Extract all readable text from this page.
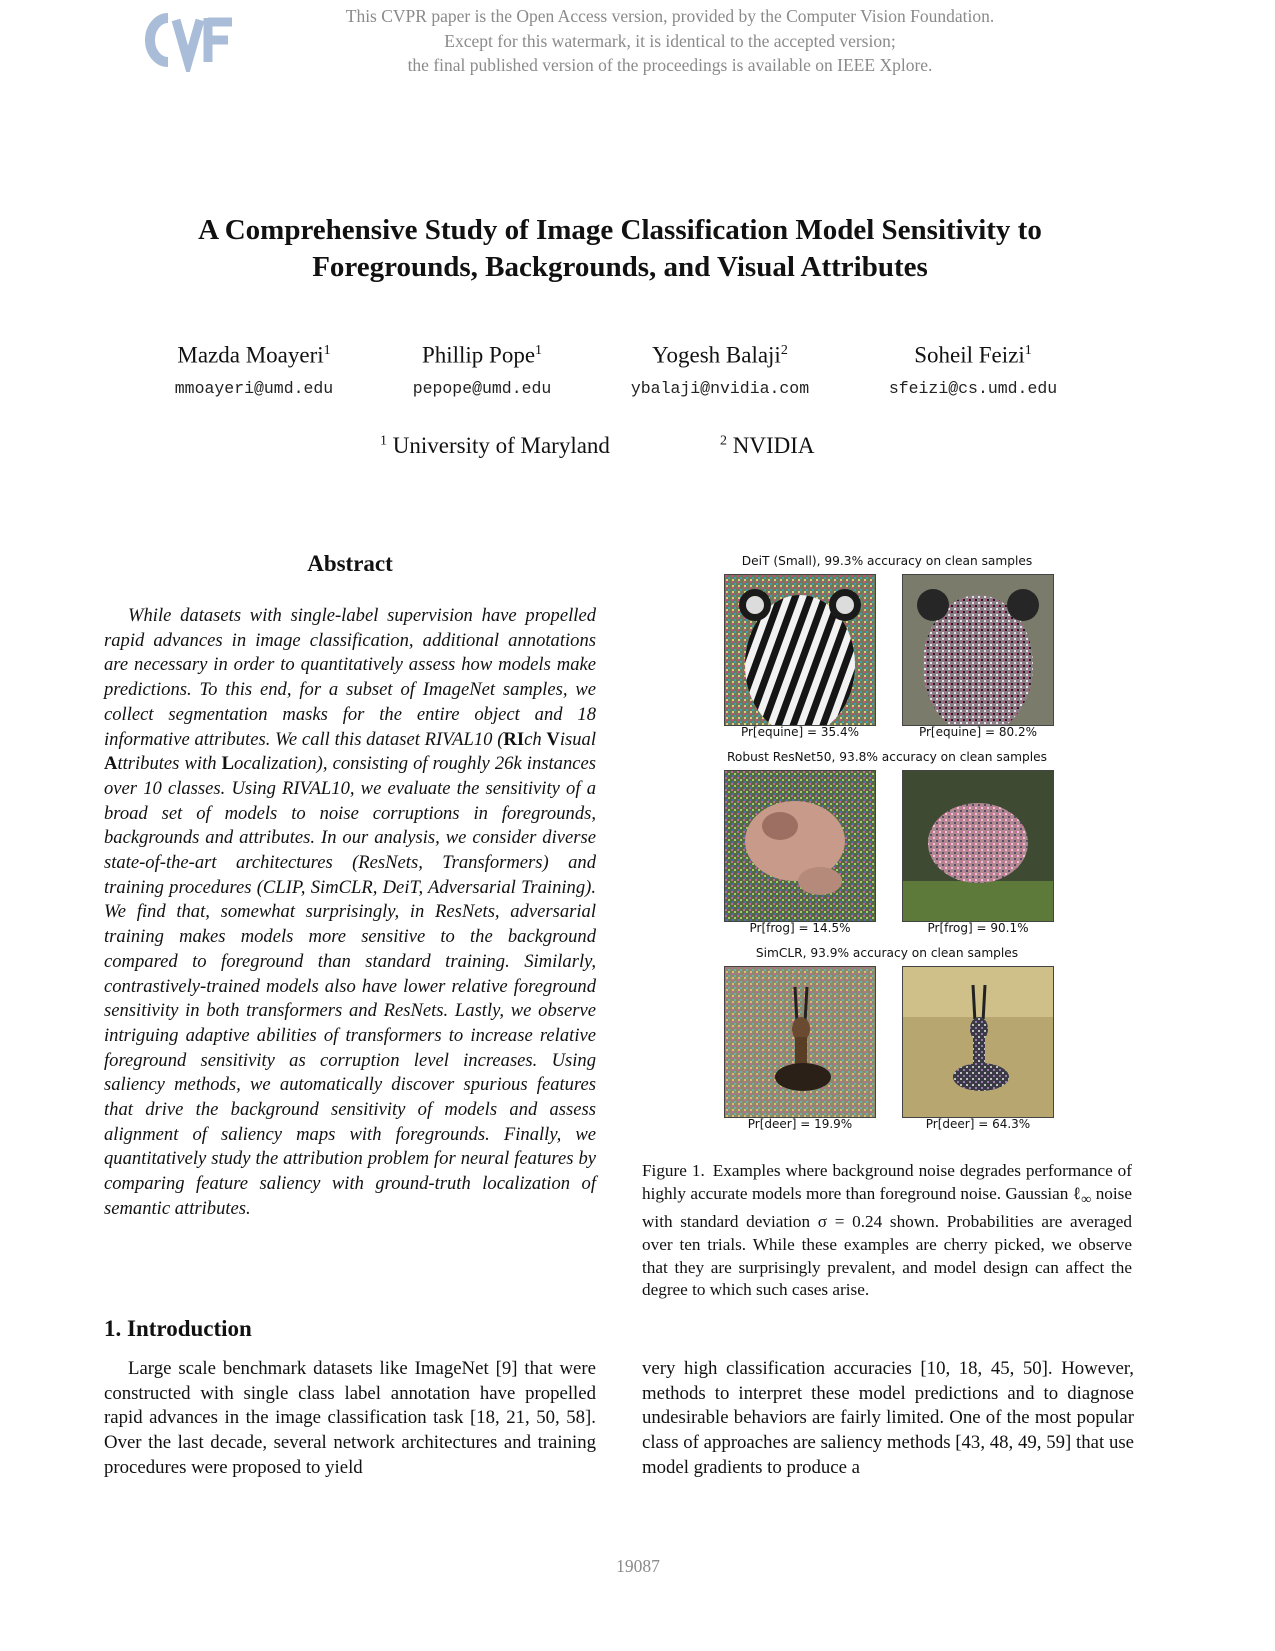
This CVPR paper is the Open Access version, provided by the Computer Vision Foundation.
Except for this watermark, it is identical to the accepted version;
the final published version of the proceedings is available on IEEE Xplore.
A Comprehensive Study of Image Classification Model Sensitivity to
Foregrounds, Backgrounds, and Visual Attributes
Mazda Moayeri$^1$
mmoayeri@umd.edu
Phillip Pope$^1$
pepope@umd.edu
Yogesh Balaji$^2$
ybalaji@nvidia.com
Soheil Feizi$^1$
sfeizi@cs.umd.edu
$^1$ University of Maryland	$^2$ NVIDIA
Abstract
While datasets with single-label supervision have propelled rapid advances in image classification, additional annotations are necessary in order to quantitatively assess how models make predictions. To this end, for a subset of ImageNet samples, we collect segmentation masks for the entire object and 18 informative attributes. We call this dataset RIVAL10 (RIch Visual Attributes with Localization), consisting of roughly 26k instances over 10 classes. Using RIVAL10, we evaluate the sensitivity of a broad set of models to noise corruptions in foregrounds, backgrounds and attributes. In our analysis, we consider diverse state-of-the-art architectures (ResNets, Transformers) and training procedures (CLIP, SimCLR, DeiT, Adversarial Training). We find that, somewhat surprisingly, in ResNets, adversarial training makes models more sensitive to the background compared to foreground than standard training. Similarly, contrastively-trained models also have lower relative foreground sensitivity in both transformers and ResNets. Lastly, we observe intriguing adaptive abilities of transformers to increase relative foreground sensitivity as corruption level increases. Using saliency methods, we automatically discover spurious features that drive the background sensitivity of models and assess alignment of saliency maps with foregrounds. Finally, we quantitatively study the attribution problem for neural features by comparing feature saliency with ground-truth localization of semantic attributes.
DeiT (Small), 99.3% accuracy on clean samples
Pr[equine] = 35.4%	Pr[equine] = 80.2%
Robust ResNet50, 93.8% accuracy on clean samples
Pr[frog] = 14.5%	Pr[frog] = 90.1%
SimCLR, 93.9% accuracy on clean samples
Pr[deer] = 19.9%	Pr[deer] = 64.3%
Figure 1. Examples where background noise degrades performance of highly accurate models more than foreground noise. Gaussian ℓ$_\infty$ noise with standard deviation σ = 0.24 shown. Probabilities are averaged over ten trials. While these examples are cherry picked, we observe that they are surprisingly prevalent, and model design can affect the degree to which such cases arise.
1. Introduction
Large scale benchmark datasets like ImageNet [9] that were constructed with single class label annotation have propelled rapid advances in the image classification task [18, 21, 50, 58]. Over the last decade, several network architectures and training procedures were proposed to yield
very high classification accuracies [10, 18, 45, 50]. However, methods to interpret these model predictions and to diagnose undesirable behaviors are fairly limited. One of the most popular class of approaches are saliency methods [43, 48, 49, 59] that use model gradients to produce a
19087
